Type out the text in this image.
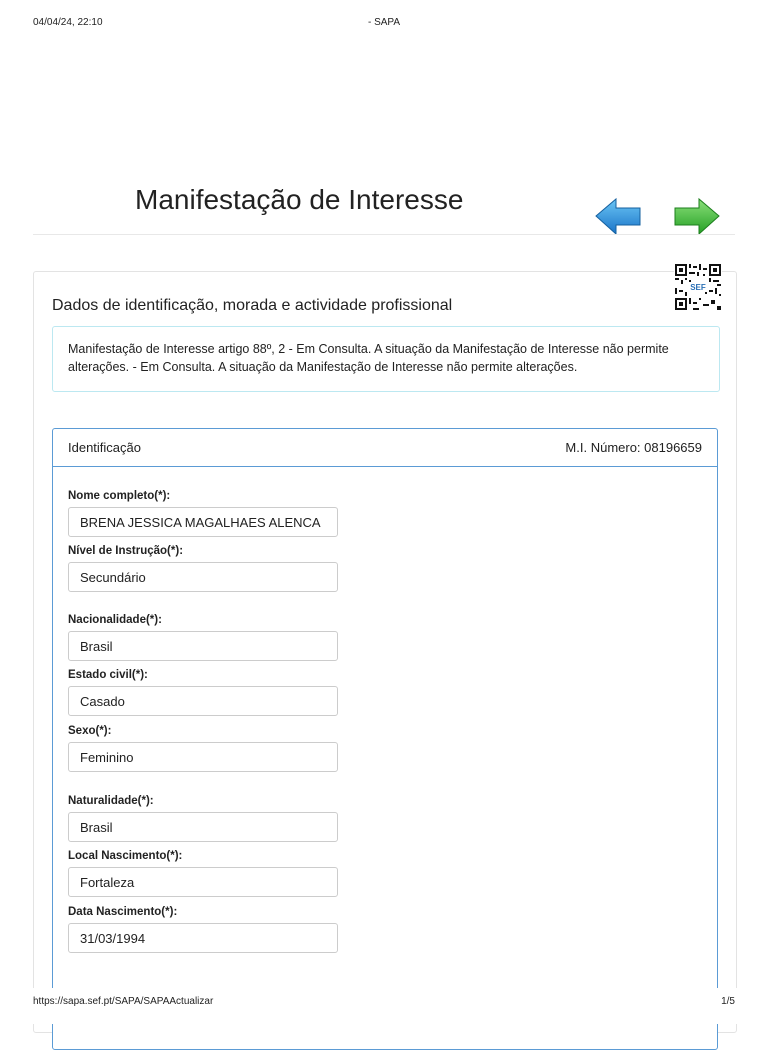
04/04/24, 22:10	- SAPA
Manifestação de Interesse
SEF
Dados de identificação, morada e actividade profissional
Manifestação de Interesse artigo 88º, 2 - Em Consulta. A situação da Manifestação de Interesse não permite alterações. - Em Consulta. A situação da Manifestação de Interesse não permite alterações.
Identificação	M.I. Número: 08196659
Nome completo(*):
BRENA JESSICA MAGALHAES ALENCA
Nível de Instrução(*):
Secundário
Nacionalidade(*):
Brasil
Estado civil(*):
Casado
Sexo(*):
Feminino
Naturalidade(*):
Brasil
Local Nascimento(*):
Fortaleza
Data Nascimento(*):
31/03/1994
https://sapa.sef.pt/SAPA/SAPAActualizar	1/5
